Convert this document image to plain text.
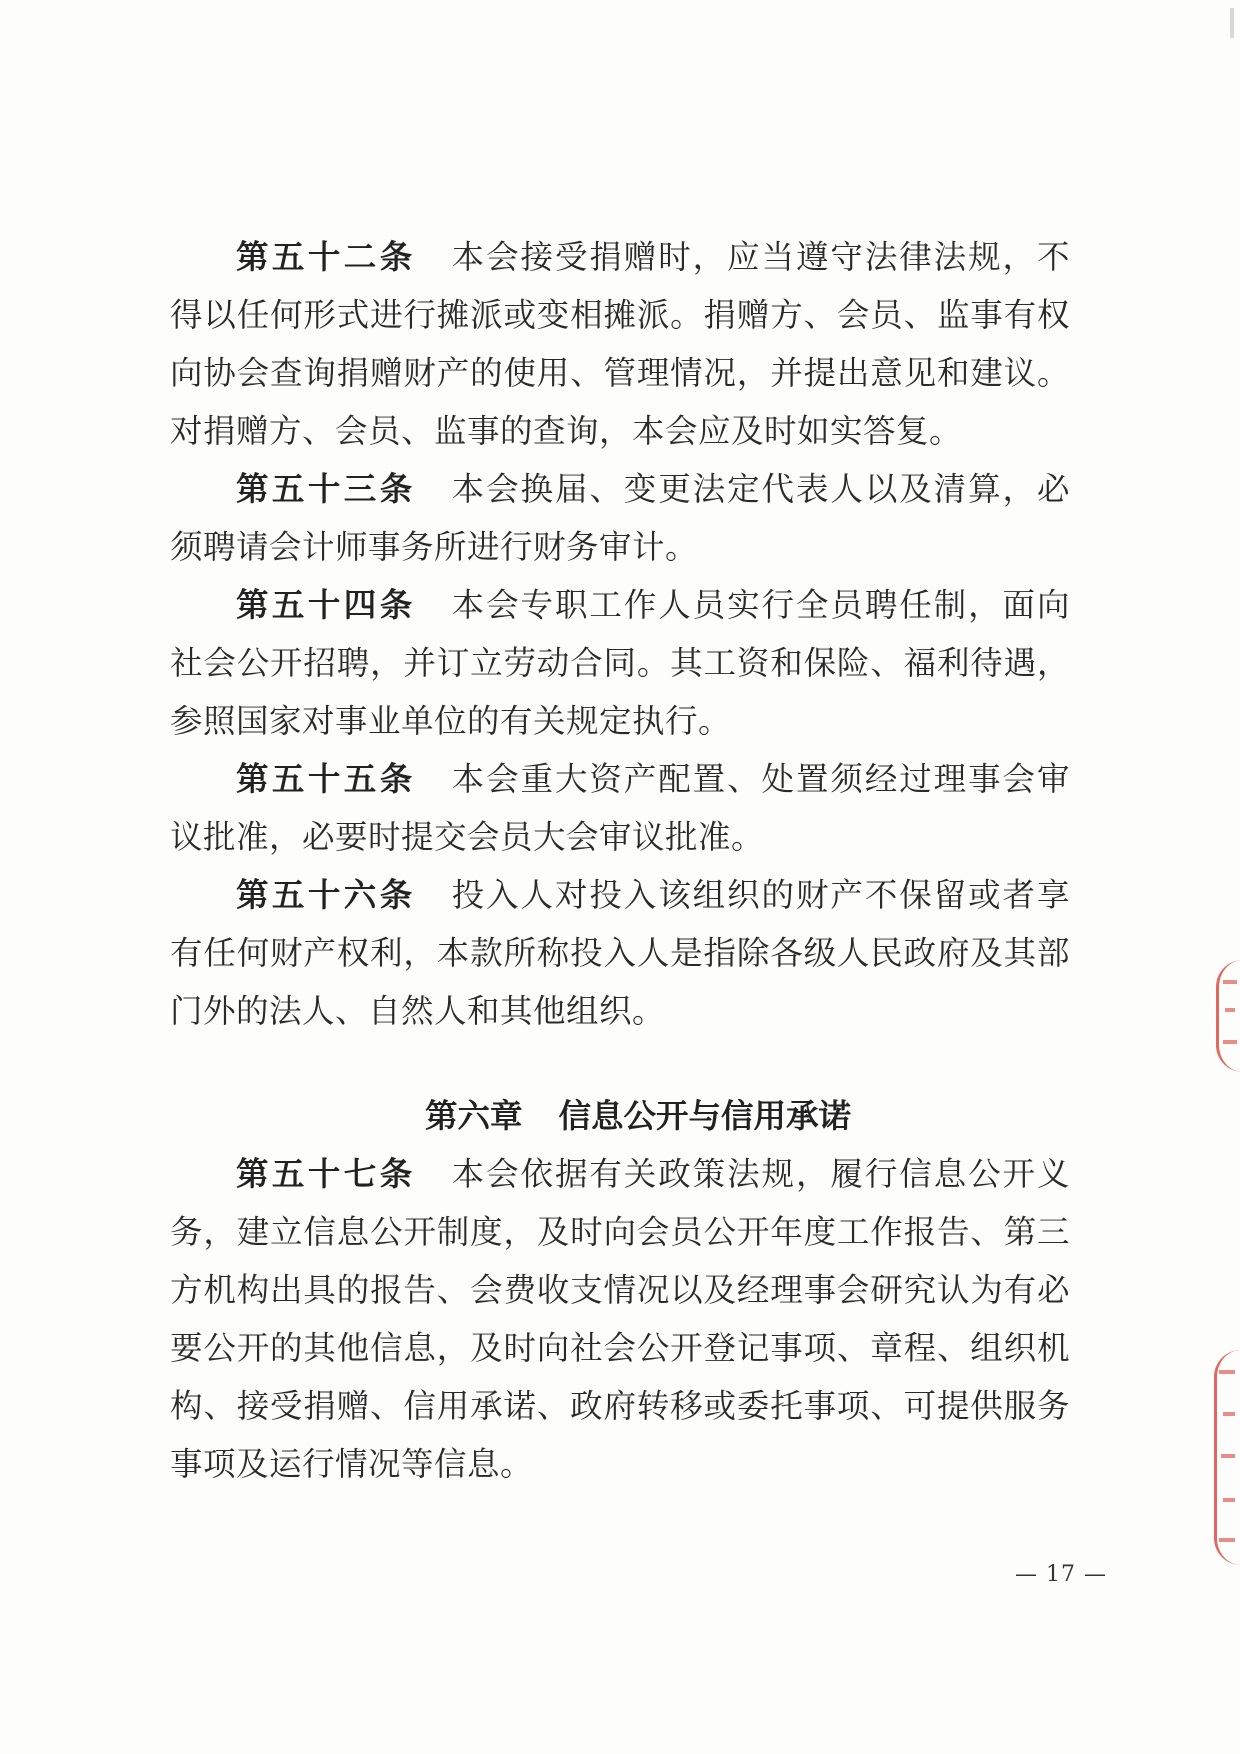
第五十二条 本会接受捐赠时，应当遵守法律法规，不得以任何形式进行摊派或变相摊派。捐赠方、会员、监事有权向协会查询捐赠财产的使用、管理情况，并提出意见和建议。对捐赠方、会员、监事的查询，本会应及时如实答复。

第五十三条 本会换届、变更法定代表人以及清算，必须聘请会计师事务所进行财务审计。

第五十四条 本会专职工作人员实行全员聘任制，面向社会公开招聘，并订立劳动合同。其工资和保险、福利待遇，参照国家对事业单位的有关规定执行。

第五十五条 本会重大资产配置、处置须经过理事会审议批准，必要时提交会员大会审议批准。

第五十六条 投入人对投入该组织的财产不保留或者享有任何财产权利，本款所称投入人是指除各级人民政府及其部门外的法人、自然人和其他组织。

第六章 信息公开与信用承诺

第五十七条 本会依据有关政策法规，履行信息公开义务，建立信息公开制度，及时向会员公开年度工作报告、第三方机构出具的报告、会费收支情况以及经理事会研究认为有必要公开的其他信息，及时向社会公开登记事项、章程、组织机构、接受捐赠、信用承诺、政府转移或委托事项、可提供服务事项及运行情况等信息。

— 17 —
